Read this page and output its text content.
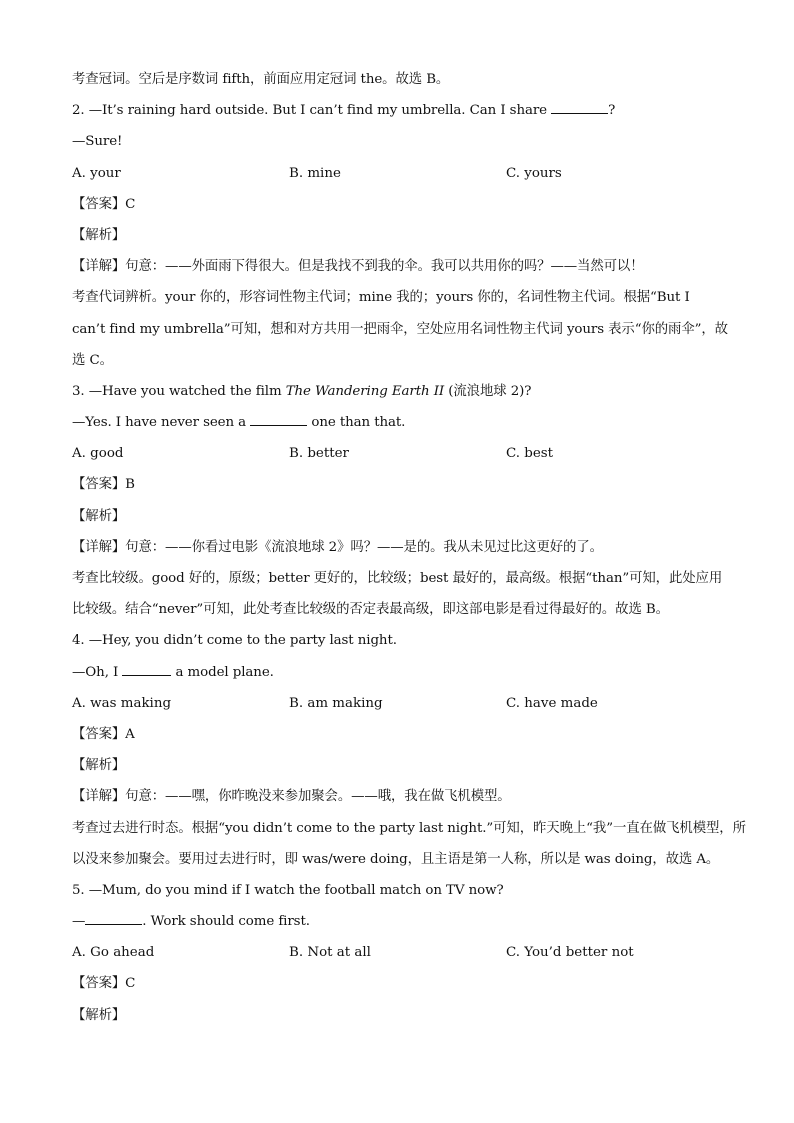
考查冠词。空后是序数词 fifth，前面应用定冠词 the。故选 B。
2. —It’s raining hard outside. But I can’t find my umbrella. Can I share	?
—Sure!
A. your	B. mine	C. yours
【答案】C
【解析】
【详解】句意：——外面雨下得很大。但是我找不到我的伞。我可以共用你的吗？——当然可以！
考查代词辨析。your 你的，形容词性物主代词；mine 我的；yours 你的，名词性物主代词。根据“But I
can’t find my umbrella”可知，想和对方共用一把雨伞，空处应用名词性物主代词 yours 表示“你的雨伞”，故
选 C。
3. —Have you watched the film The Wandering Earth II (流浪地球 2)?
—Yes. I have never seen a	one than that.
A. good	B. better	C. best
【答案】B
【解析】
【详解】句意：——你看过电影《流浪地球 2》吗？——是的。我从未见过比这更好的了。
考查比较级。good 好的，原级；better 更好的，比较级；best 最好的，最高级。根据“than”可知，此处应用
比较级。结合“never”可知，此处考查比较级的否定表最高级，即这部电影是看过得最好的。故选 B。
4. —Hey, you didn’t come to the party last night.
—Oh, I	a model plane.
A. was making	B. am making	C. have made
【答案】A
【解析】
【详解】句意：——嘿，你昨晚没来参加聚会。——哦，我在做飞机模型。
考查过去进行时态。根据“you didn’t come to the party last night.”可知，昨天晚上“我”一直在做飞机模型，所
以没来参加聚会。要用过去进行时，即 was/were doing，且主语是第一人称，所以是 was doing，故选 A。
5. —Mum, do you mind if I watch the football match on TV now?
—	. Work should come first.
A. Go ahead	B. Not at all	C. You’d better not
【答案】C
【解析】
